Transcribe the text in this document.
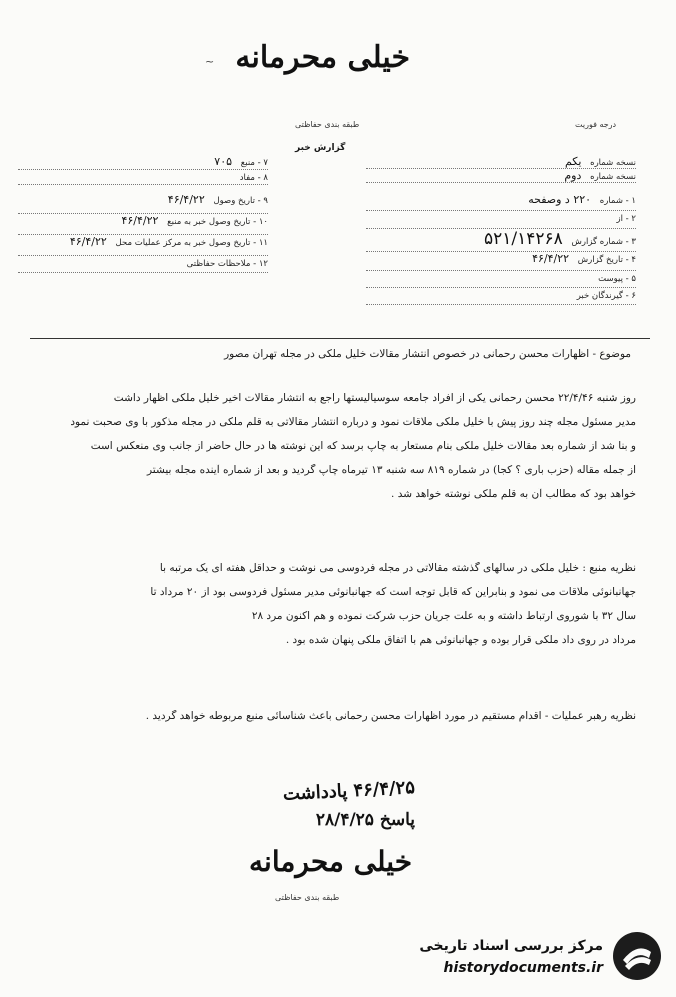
خیلی محرمانه
~
طبقه بندی حفاظتی	درجه فوریت
گزارش خبر
نسخه شماره یکم
نسخه شماره دوم
۱ - شماره ۲۲۰ د وصفحه
۲ - از
۳ - شماره گزارش ۵۲۱/۱۴۲۶۸
۴ - تاریخ گزارش ۴۶/۴/۲۲
۵ - پیوست
۶ - گیرندگان خبر
۷ - منبع ۷۰۵
۸ - مفاد
۹ - تاریخ وصول ۴۶/۴/۲۲
۱۰ - تاریخ وصول خبر به منبع ۴۶/۴/۲۲
۱۱ - تاریخ وصول خبر به مرکز عملیات محل ۴۶/۴/۲۲
۱۲ - ملاحظات حفاظتی
موضوع - اظهارات محسن رحمانی در خصوص انتشار مقالات خلیل ملکی در مجله تهران مصور
روز شنبه ۲۲/۴/۴۶ محسن رحمانی یکی از افراد جامعه سوسیالیستها راجع به انتشار مقالات اخیر خلیل ملکی اظهار داشت
مدیر مسئول مجله چند روز پیش با خلیل ملکی ملاقات نمود و درباره انتشار مقالاتی به قلم ملکی در مجله مذکور با وی صحبت نمود
و بنا شد از شماره بعد مقالات خلیل ملکی بنام مستعار به چاپ برسد که این نوشته ها در حال حاضر از جانب وی منعکس است
از جمله مقاله (حزب باری ؟ کجا) در شماره ۸۱۹ سه شنبه ۱۳ تیرماه چاپ گردید و بعد از شماره آینده مجله بیشتر
خواهد بود که مطالب آن به قلم ملکی نوشته خواهد شد .
نظریه منبع : خلیل ملکی در سالهای گذشته مقالاتی در مجله فردوسی می نوشت و حداقل هفته ای یک مرتبه با
جهانبانوئی ملاقات می نمود و بنابراین که قابل توجه است که جهانبانوئی مدیر مسئول فردوسی بود از ۲۰ مرداد تا
سال ۳۲ با شوروی ارتباط داشته و به علت جریان حزب شرکت نموده و هم اکنون مرد ۲۸
مرداد در روی داد ملکی قرار بوده و جهانبانوئی هم با اتفاق ملکی پنهان شده بود .
نظریه رهبر عملیات - اقدام مستقیم در مورد اظهارات محسن رحمانی باعث شناسائی منبع مربوطه خواهد گردید .
۴۶/۴/۲۵ پادداشت
پاسخ ۲۸/۴/۲۵
خیلی محرمانه
طبقه بندی حفاظتی
مرکز بررسی اسناد تاریخی
historydocuments.ir
